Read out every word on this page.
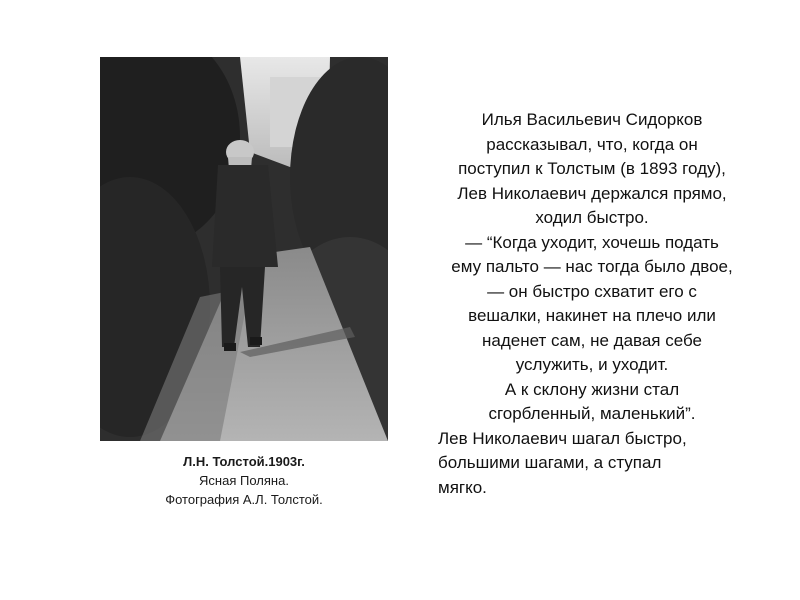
Л.Н. Толстой.1903г.
Ясная Поляна.
Фотография А.Л. Толстой.
Илья Васильевич Сидорков
рассказывал, что, когда он
поступил к Толстым (в 1893 году),
Лев Николаевич держался прямо,
ходил быстро.
— “Когда уходит, хочешь подать
ему пальто — нас тогда было двое,
— он быстро схватит его с
вешалки, накинет на плечо или
наденет сам, не давая себе
услужить, и уходит.
А к склону жизни стал
сгорбленный, маленький”.
Лев Николаевич шагал быстро,
большими шагами, а ступал
мягко.
